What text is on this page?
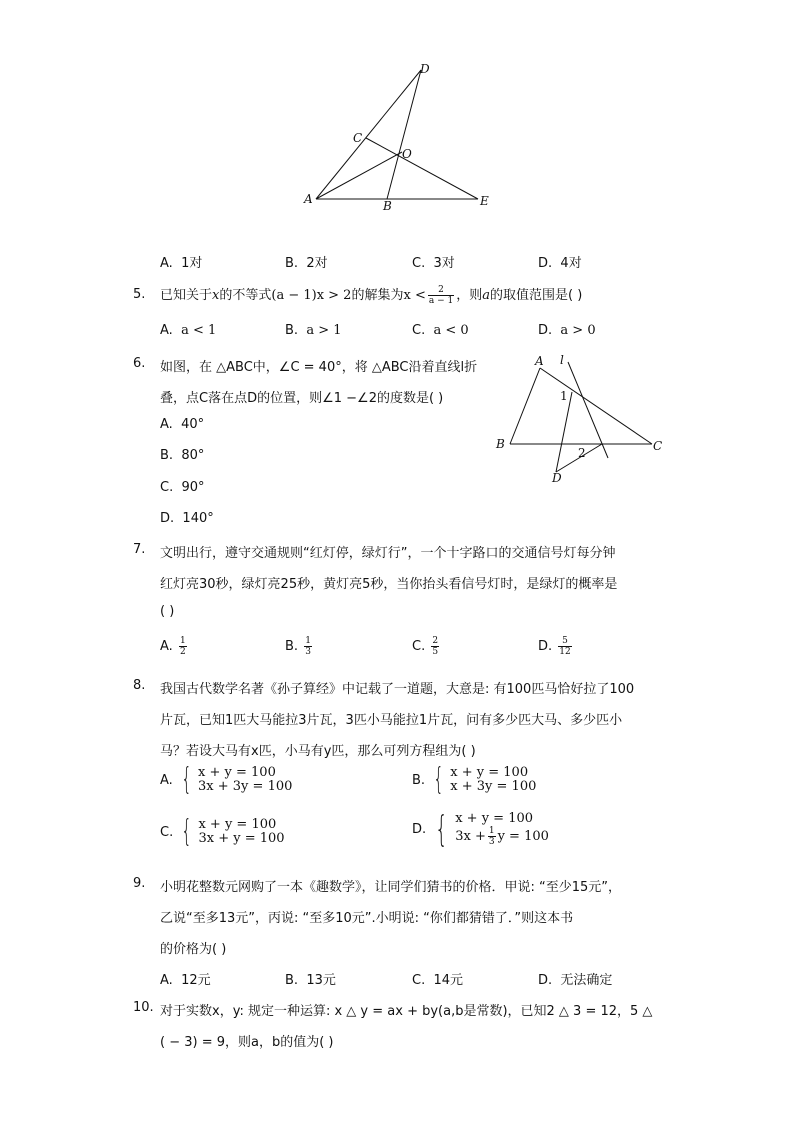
D
C
O
A	B	E
A. 1对	B. 2对	C. 3对	D. 4对
5. 已知关于x的不等式(a − 1)x > 2的解集为$x < \frac{2}{a - 1}$ ，则a的取值范围是( )
A. a < 1	B. a > 1	C. a < 0	D. a > 0
6. 如图，在 △ABC中，∠C = 40°，将 △ABC沿着直线l折
叠，点C落在点D的位置，则∠1 −∠2的度数是( )
A. 40°
B. 80°
C. 90°
D. 140°
A l
B	C
D
1
2
7. 文明出行，遵守交通规则“红灯停，绿灯行”，一个十字路口的交通信号灯每分钟
红灯亮30秒，绿灯亮25秒，黄灯亮5秒，当你抬头看信号灯时，是绿灯的概率是
( )
A. $\frac{1}{2}$	B. $\frac{1}{3}$	C. $\frac{2}{5}$	D. $\frac{5}{12}$
8. 我国古代数学名著《孙子算经》中记载了一道题，大意是: 有100匹马恰好拉了100
片瓦，已知1匹大马能拉3片瓦，3匹小马能拉1片瓦，问有多少匹大马、多少匹小
马？若设大马有x匹，小马有y匹，那么可列方程组为( )
A. { x + y = 100
3x + 3y = 100	B. { x + y = 100
x + 3y = 100
C. { x + y = 100
3x + y = 100
D. { x + y = 100
$3x + \frac{1}{3}$ y = 100
9. 小明花整数元网购了一本《趣数学》，让同学们猜书的价格．甲说: “至少15元”，
乙说“至多13元”，丙说: “至多10元”.小明说: “你们都猜错了．”则这本书
的价格为( )
A. 12元	B. 13元	C. 14元	D. 无法确定
10. 对于实数x，y: 规定一种运算: x △ y = ax + by(a,b是常数)，已知2 △ 3 = 12，5 △
( − 3) = 9，则a，b的值为( )
